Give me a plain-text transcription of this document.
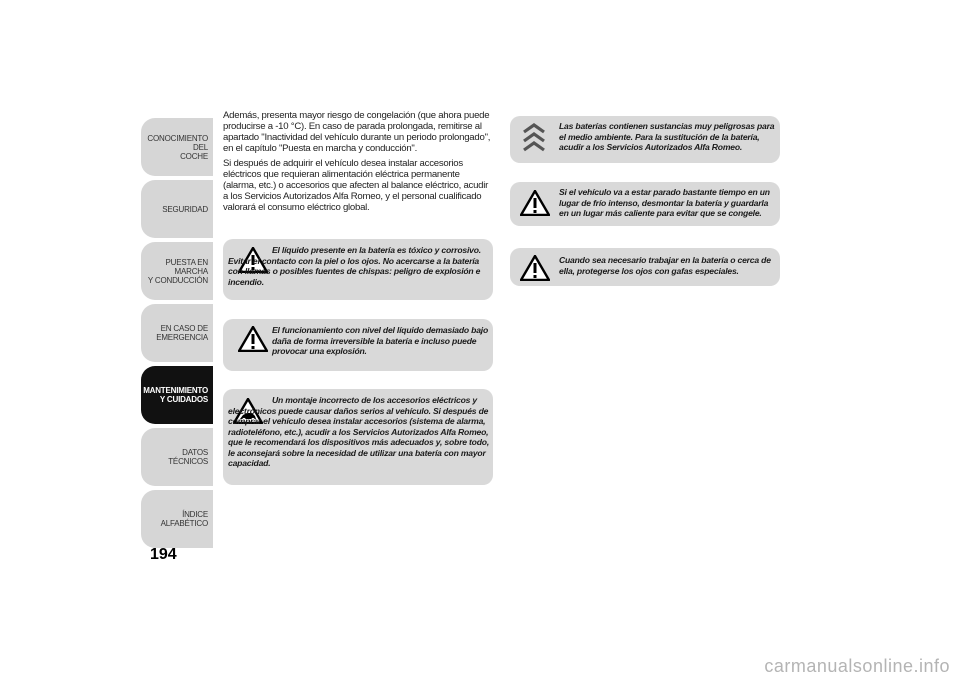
CONOCIMIENTO DEL
COCHE
SEGURIDAD
PUESTA EN MARCHA
Y CONDUCCIÓN
EN CASO DE
EMERGENCIA
MANTENIMIENTO
Y CUIDADOS
DATOS TÉCNICOS
ÍNDICE ALFABÉTICO
194

Además, presenta mayor riesgo de congelación (que ahora puede producirse a -10 °C). En caso de parada prolongada, remitirse al apartado "Inactividad del vehículo durante un periodo prolongado", en el capítulo "Puesta en marcha y conducción".

Si después de adquirir el vehículo desea instalar accesorios eléctricos que requieran alimentación eléctrica permanente (alarma, etc.) o accesorios que afecten al balance eléctrico, acudir a los Servicios Autorizados Alfa Romeo, y el personal cualificado valorará el consumo eléctrico global.

El líquido presente en la batería es tóxico y corrosivo. Evitar el contacto con la piel o los ojos. No acercarse a la batería con llamas o posibles fuentes de chispas: peligro de explosión e incendio.

El funcionamiento con nivel del líquido demasiado bajo daña de forma irreversible la batería e incluso puede provocar una explosión.

Un montaje incorrecto de los accesorios eléctricos y electrónicos puede causar daños serios al vehículo. Si después de comprar el vehículo desea instalar accesorios (sistema de alarma, radioteléfono, etc.), acudir a los Servicios Autorizados Alfa Romeo, que le recomendará los dispositivos más adecuados y, sobre todo, le aconsejará sobre la necesidad de utilizar una batería con mayor capacidad.

Las baterías contienen sustancias muy peligrosas para el medio ambiente. Para la sustitución de la batería, acudir a los Servicios Autorizados Alfa Romeo.

Si el vehículo va a estar parado bastante tiempo en un lugar de frío intenso, desmontar la batería y guardarla en un lugar más caliente para evitar que se congele.

Cuando sea necesario trabajar en la batería o cerca de ella, protegerse los ojos con gafas especiales.

carmanualsonline.info
